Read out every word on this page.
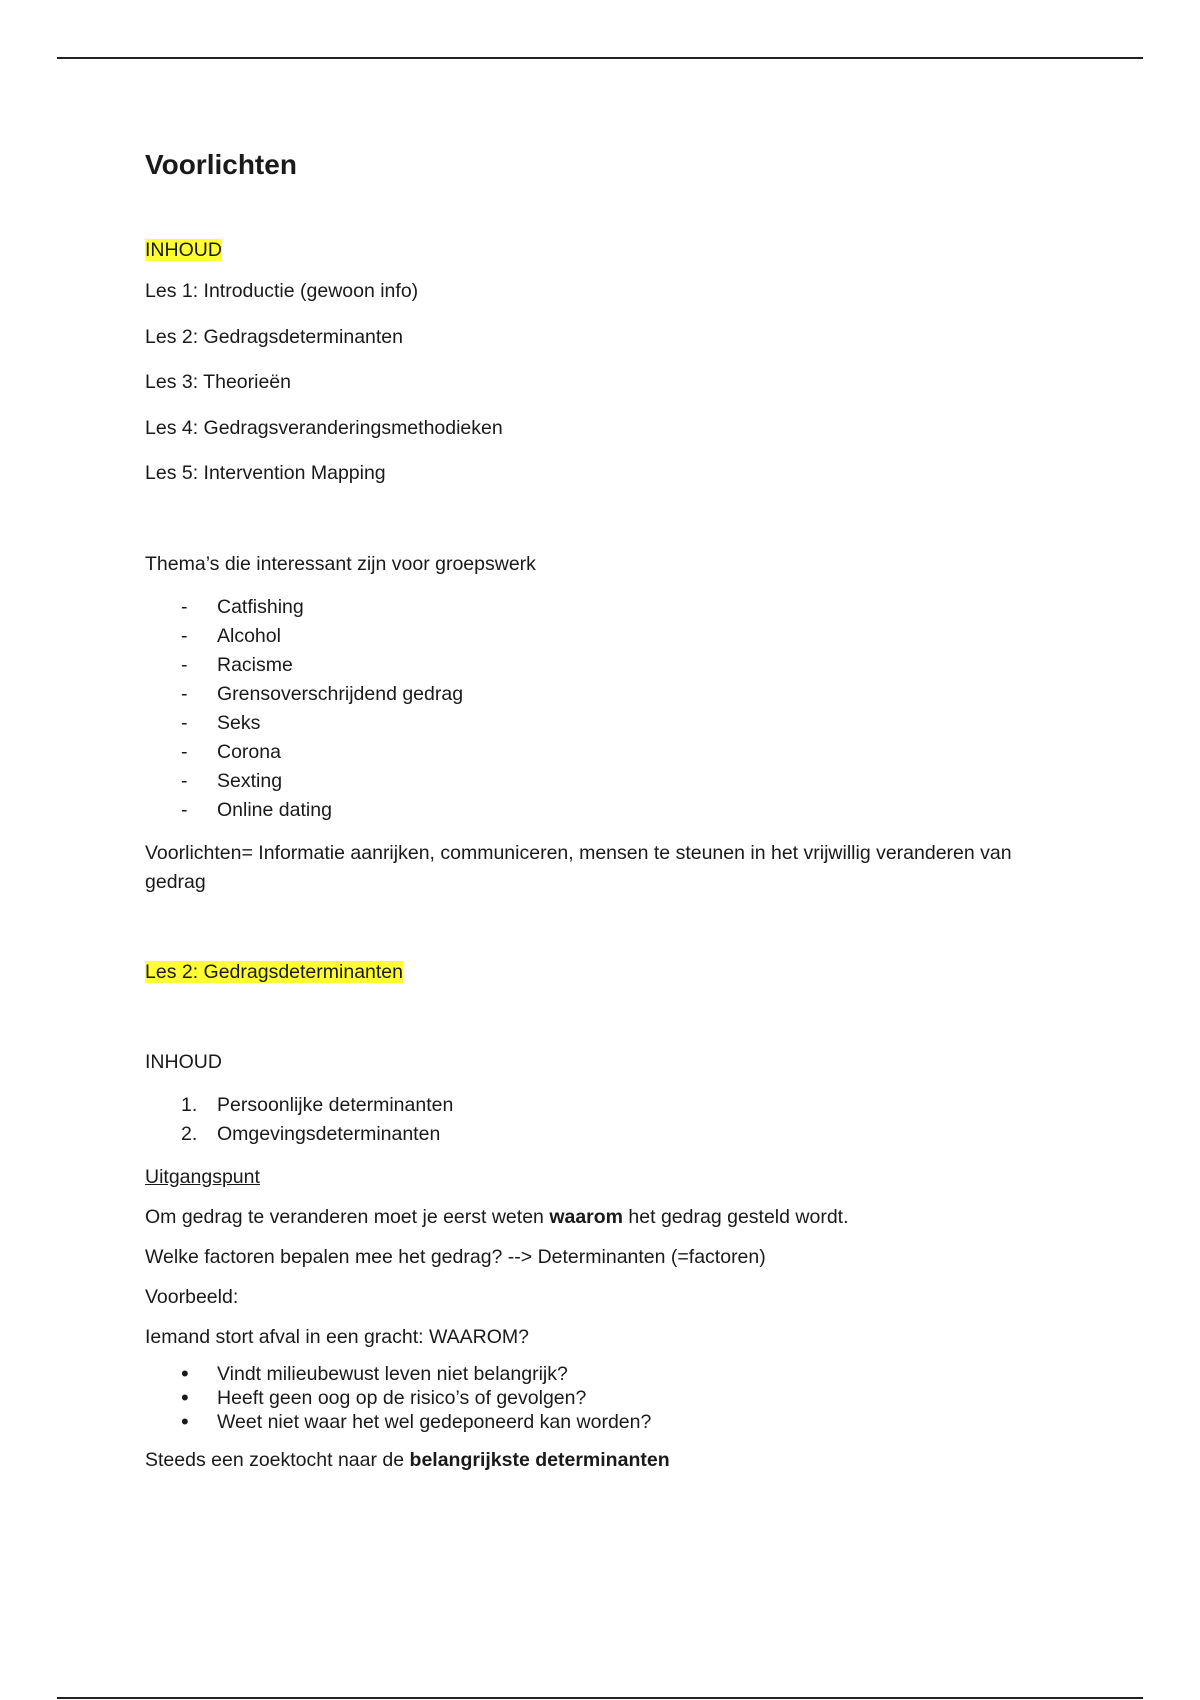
Voorlichten

INHOUD

Les 1: Introductie (gewoon info)

Les 2: Gedragsdeterminanten

Les 3: Theorieën

Les 4: Gedragsveranderingsmethodieken

Les 5: Intervention Mapping

Thema’s die interessant zijn voor groepswerk

- Catfishing
- Alcohol
- Racisme
- Grensoverschrijdend gedrag
- Seks
- Corona
- Sexting
- Online dating

Voorlichten= Informatie aanrijken, communiceren, mensen te steunen in het vrijwillig veranderen van gedrag

Les 2: Gedragsdeterminanten

INHOUD

1. Persoonlijke determinanten
2. Omgevingsdeterminanten

Uitgangspunt

Om gedrag te veranderen moet je eerst weten waarom het gedrag gesteld wordt.

Welke factoren bepalen mee het gedrag? --> Determinanten (=factoren)

Voorbeeld:

Iemand stort afval in een gracht: WAAROM?

• Vindt milieubewust leven niet belangrijk?
• Heeft geen oog op de risico’s of gevolgen?
• Weet niet waar het wel gedeponeerd kan worden?

Steeds een zoektocht naar de belangrijkste determinanten
